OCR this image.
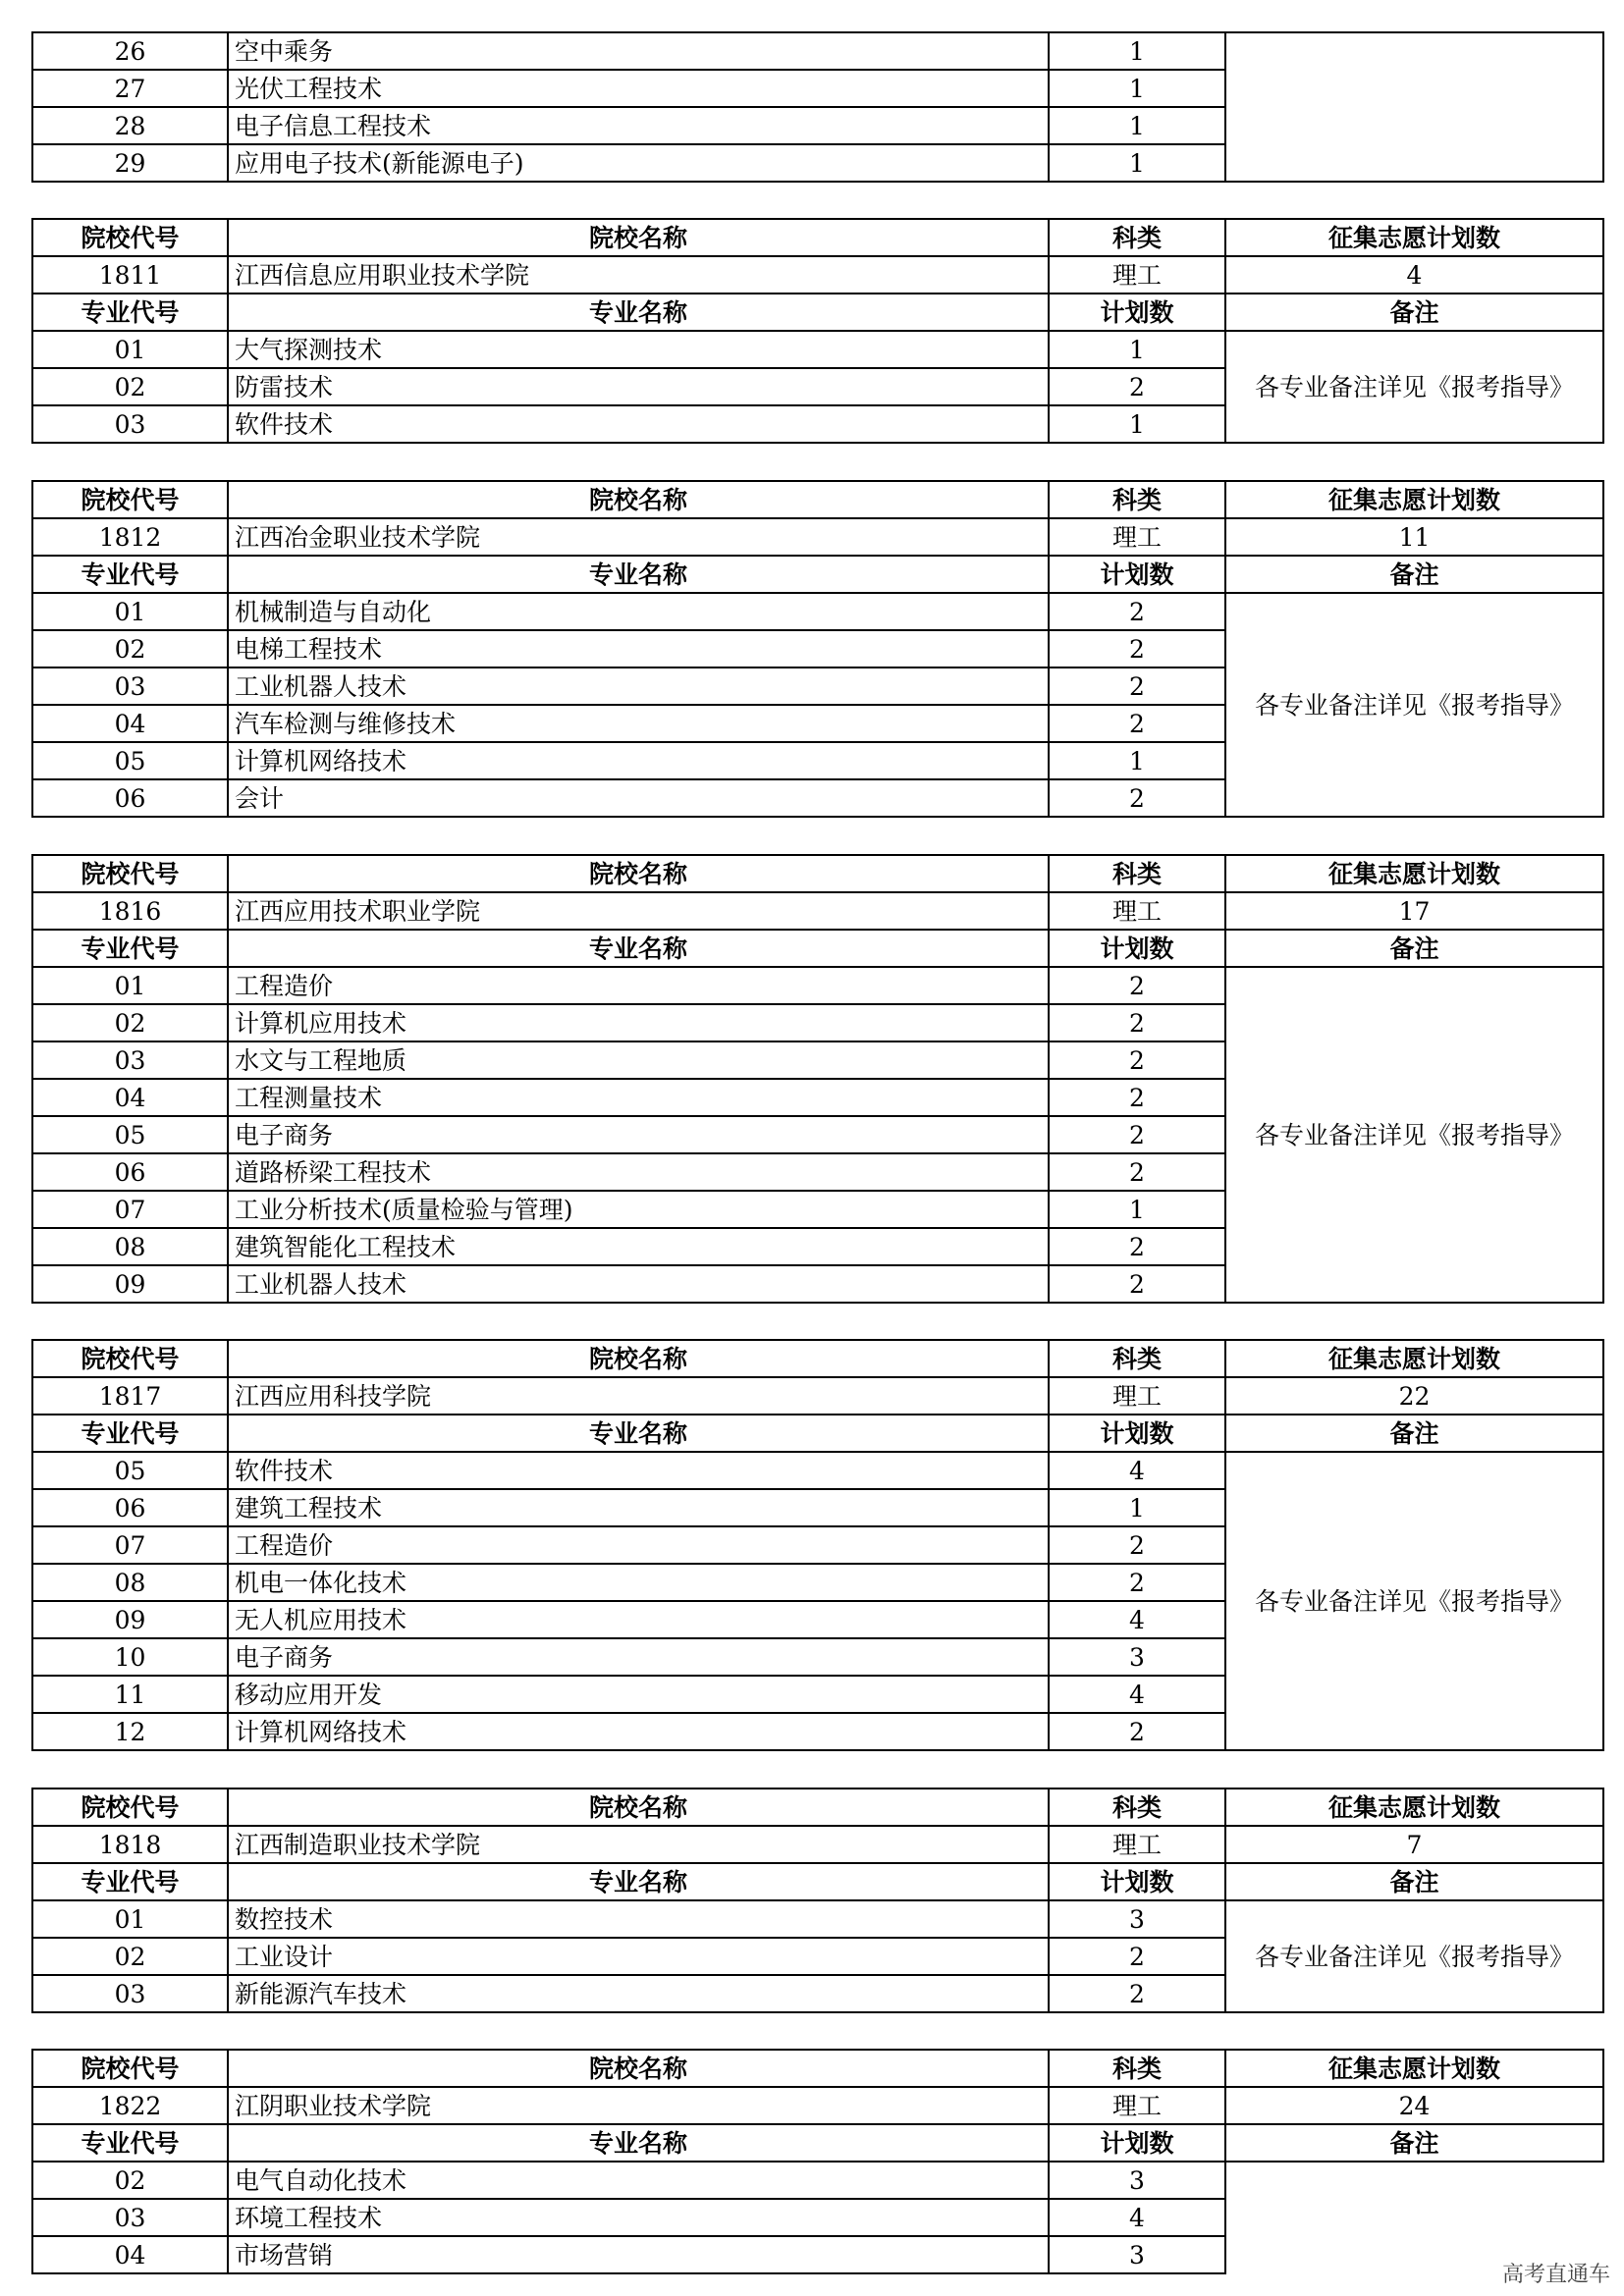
26	空中乘务	1	
27	光伏工程技术	1	
28	电子信息工程技术	1	
29	应用电子技术(新能源电子)	1	
院校代号	院校名称	科类	征集志愿计划数
1811	江西信息应用职业技术学院	理工	4
专业代号	专业名称	计划数	备注
01	大气探测技术	1	各专业备注详见《报考指导》
02	防雷技术	2	
03	软件技术	1	
院校代号	院校名称	科类	征集志愿计划数
1812	江西冶金职业技术学院	理工	11
专业代号	专业名称	计划数	备注
01	机械制造与自动化	2	各专业备注详见《报考指导》
02	电梯工程技术	2	
03	工业机器人技术	2	
04	汽车检测与维修技术	2	
05	计算机网络技术	1	
06	会计	2	
院校代号	院校名称	科类	征集志愿计划数
1816	江西应用技术职业学院	理工	17
专业代号	专业名称	计划数	备注
01	工程造价	2	各专业备注详见《报考指导》
02	计算机应用技术	2	
03	水文与工程地质	2	
04	工程测量技术	2	
05	电子商务	2	
06	道路桥梁工程技术	2	
07	工业分析技术(质量检验与管理)	1	
08	建筑智能化工程技术	2	
09	工业机器人技术	2	
院校代号	院校名称	科类	征集志愿计划数
1817	江西应用科技学院	理工	22
专业代号	专业名称	计划数	备注
05	软件技术	4	各专业备注详见《报考指导》
06	建筑工程技术	1	
07	工程造价	2	
08	机电一体化技术	2	
09	无人机应用技术	4	
10	电子商务	3	
11	移动应用开发	4	
12	计算机网络技术	2	
院校代号	院校名称	科类	征集志愿计划数
1818	江西制造职业技术学院	理工	7
专业代号	专业名称	计划数	备注
01	数控技术	3	各专业备注详见《报考指导》
02	工业设计	2	
03	新能源汽车技术	2	
院校代号	院校名称	科类	征集志愿计划数
1822	江阴职业技术学院	理工	24
专业代号	专业名称	计划数	备注
02	电气自动化技术	3	
03	环境工程技术	4	
04	市场营销	3	
高考直通车
